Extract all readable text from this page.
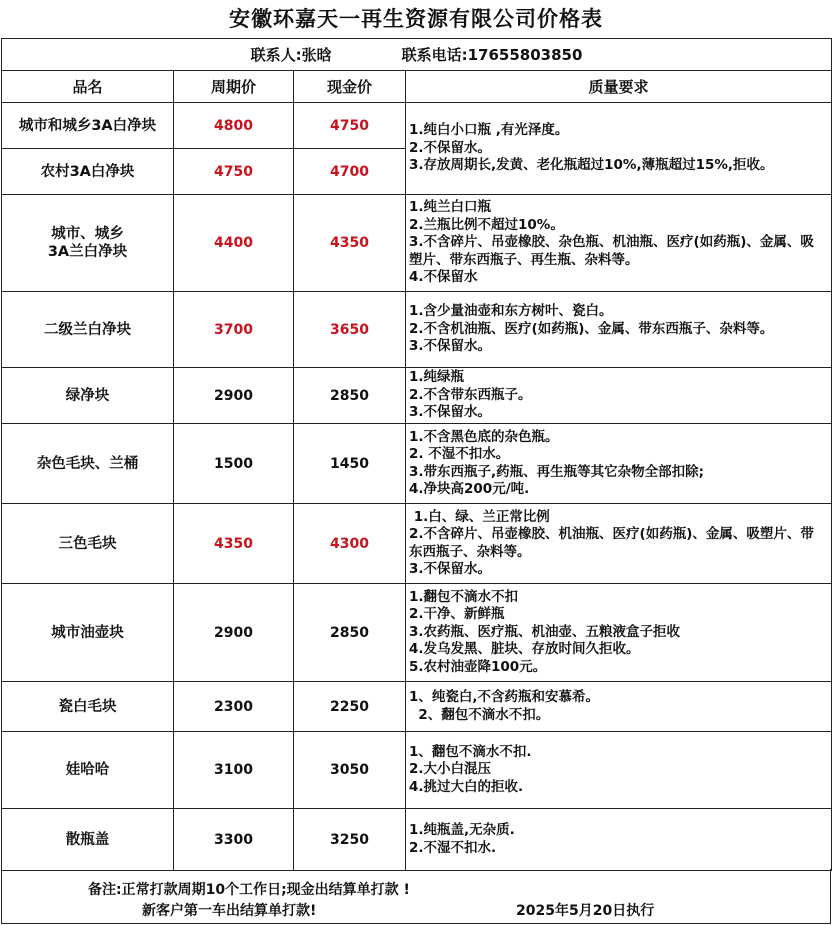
安徽环嘉天一再生资源有限公司价格表
联系人:张晗 联系电话:17655803850			
品名	周期价	现金价	质量要求

城市和城乡3A白净块	4800	4750	1.纯白小口瓶 ,有光泽度。
2.不保留水。
3.存放周期长,发黄、老化瓶超过10%,薄瓶超过15%,拒收。

农村3A白净块	4750	4700	

城市、城乡
3A兰白净块	4400	4350	1.纯兰白口瓶
2.兰瓶比例不超过10%。
3.不含碎片、吊壶橡胶、杂色瓶、机油瓶、医疗(如药瓶)、金属、吸塑片、带东西瓶子、再生瓶、杂料等。
4.不保留水

二级兰白净块	3700	3650	1.含少量油壶和东方树叶、瓷白。
2.不含机油瓶、医疗(如药瓶)、金属、带东西瓶子、杂料等。
3.不保留水。

绿净块	2900	2850	1.纯绿瓶
2.不含带东西瓶子。
3.不保留水。

杂色毛块、兰桶	1500	1450	1.不含黑色底的杂色瓶。
2. 不湿不扣水。
3.带东西瓶子,药瓶、再生瓶等其它杂物全部扣除;
4.净块高200元/吨.

三色毛块	4350	4300	1.白、绿、兰正常比例
2.不含碎片、吊壶橡胶、机油瓶、医疗(如药瓶)、金属、吸塑片、带东西瓶子、杂料等。
3.不保留水。

城市油壶块	2900	2850	1.翻包不滴水不扣
2.干净、新鲜瓶
3.农药瓶、医疗瓶、机油壶、五粮液盒子拒收
4.发乌发黑、脏块、存放时间久拒收。
5.农村油壶降100元。

瓷白毛块	2300	2250	1、纯瓷白,不含药瓶和安慕希。
2、翻包不滴水不扣。

娃哈哈	3100	3050	1、翻包不滴水不扣.
2.大小白混压
4.挑过大白的拒收.

散瓶盖	3300	3250	1.纯瓶盖,无杂质.
2.不湿不扣水.
备注:正常打款周期10个工作日;现金出结算单打款 !
新客户第一车出结算单打款!	2025年5月20日执行
